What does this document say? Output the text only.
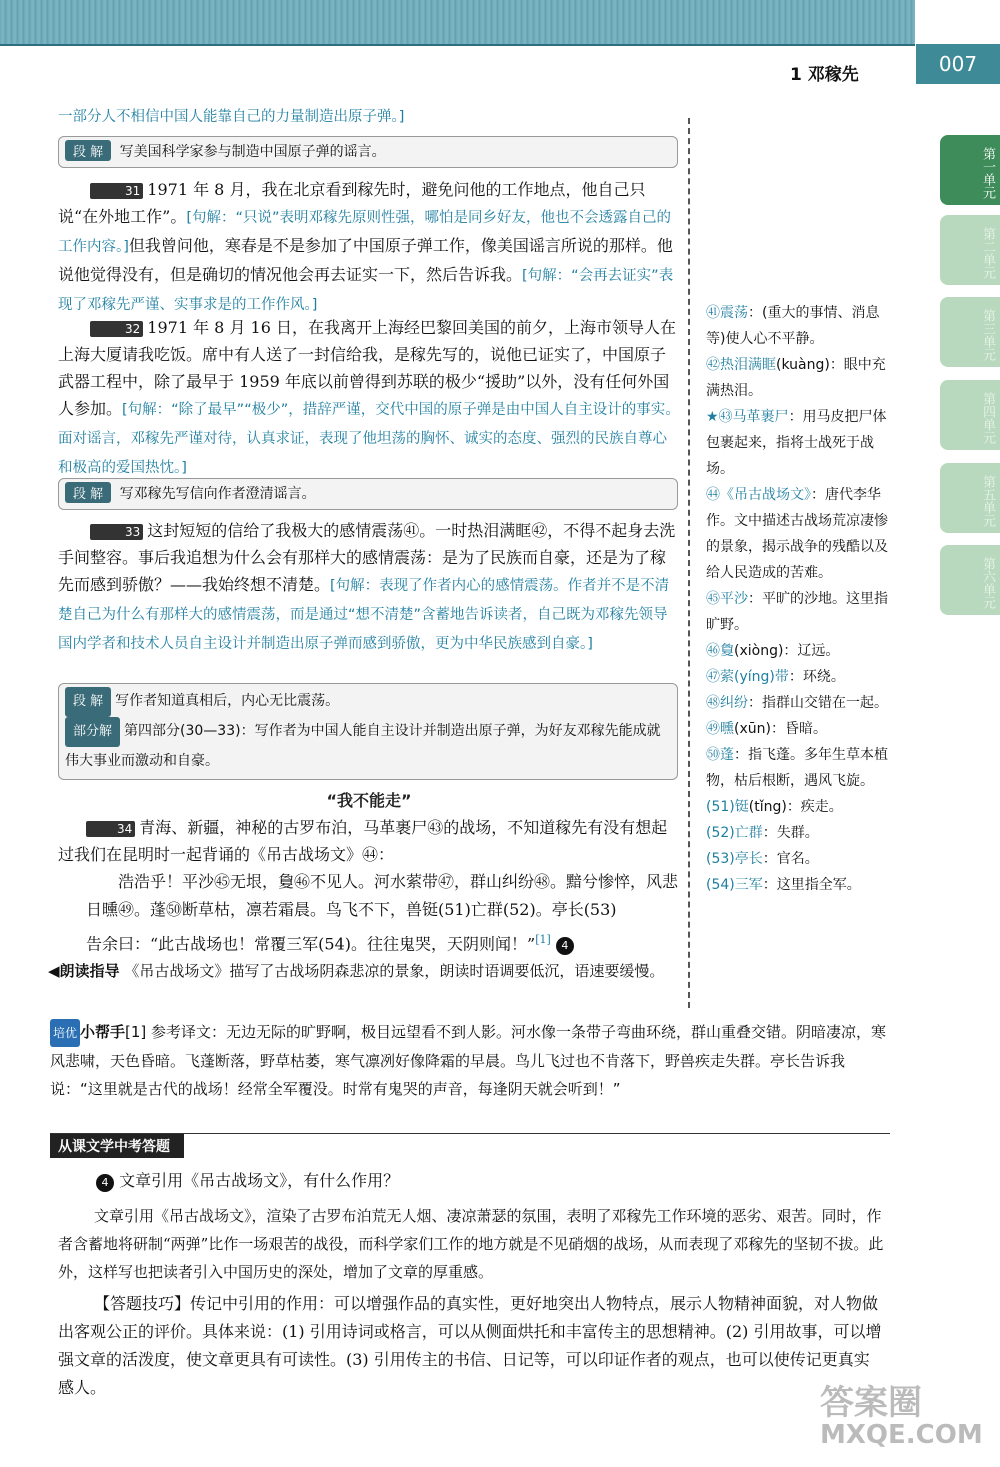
1 邓稼先	007
第一单元
第二单元
第三单元
第四单元
第五单元
第六单元
一部分人不相信中国人能靠自己的力量制造出原子弹。]
段 解 写美国科学家参与制造中国原子弹的谣言。
31 1971 年 8 月，我在北京看到稼先时，避免问他的工作地点，他自己只说“在外地工作”。[句解：“只说”表明邓稼先原则性强，哪怕是同乡好友，他也不会透露自己的工作内容。]但我曾问他，寒春是不是参加了中国原子弹工作，像美国谣言所说的那样。他说他觉得没有，但是确切的情况他会再去证实一下，然后告诉我。[句解：“会再去证实”表现了邓稼先严谨、实事求是的工作作风。]
32 1971 年 8 月 16 日，在我离开上海经巴黎回美国的前夕，上海市领导人在上海大厦请我吃饭。席中有人送了一封信给我，是稼先写的，说他已证实了，中国原子武器工程中，除了最早于 1959 年底以前曾得到苏联的极少“援助”以外，没有任何外国人参加。[句解：“除了最早”“极少”，措辞严谨，交代中国的原子弹是由中国人自主设计的事实。面对谣言，邓稼先严谨对待，认真求证，表现了他坦荡的胸怀、诚实的态度、强烈的民族自尊心和极高的爱国热忱。]
段 解 写邓稼先写信向作者澄清谣言。
33 这封短短的信给了我极大的感情震荡㊶。一时热泪满眶㊷，不得不起身去洗手间整容。事后我追想为什么会有那样大的感情震荡：是为了民族而自豪，还是为了稼先而感到骄傲？——我始终想不清楚。[句解：表现了作者内心的感情震荡。作者并不是不清楚自己为什么有那样大的感情震荡，而是通过“想不清楚”含蓄地告诉读者，自己既为邓稼先领导国内学者和技术人员自主设计并制造出原子弹而感到骄傲，更为中华民族感到自豪。]
段 解 写作者知道真相后，内心无比震荡。
部分解 第四部分(30—33)：写作者为中国人能自主设计并制造出原子弹，为好友邓稼先能成就伟大事业而激动和自豪。
“我不能走”
34 青海、新疆，神秘的古罗布泊，马革裹尸㊸的战场，不知道稼先有没有想起过我们在昆明时一起背诵的《吊古战场文》㊹：
浩浩乎！平沙㊺无垠，敻㊻不见人。河水萦带㊼，群山纠纷㊽。黯兮惨悴，风悲日曛㊾。蓬㊿断草枯，凛若霜晨。鸟飞不下，兽铤(51)亡群(52)。亭长(53)
告余曰：“此古战场也！常覆三军(54)。往往鬼哭，天阴则闻！”[1] 4
◀朗读指导 《吊古战场文》描写了古战场阴森悲凉的景象，朗读时语调要低沉，语速要缓慢。
㊶震荡：(重大的事情、消息等)使人心不平静。
㊷热泪满眶(kuàng)：眼中充满热泪。
★㊸马革裹尸：用马皮把尸体包裹起来，指将士战死于战场。
㊹《吊古战场文》：唐代李华作。文中描述古战场荒凉凄惨的景象，揭示战争的残酷以及给人民造成的苦难。
㊺平沙：平旷的沙地。这里指旷野。
㊻敻(xiòng)：辽远。
㊼萦(yíng)带：环绕。
㊽纠纷：指群山交错在一起。
㊾曛(xūn)：昏暗。
㊿蓬：指飞蓬。多年生草本植物，枯后根断，遇风飞旋。
(51)铤(tǐng)：疾走。
(52)亡群：失群。
(53)亭长：官名。
(54)三军：这里指全军。
培优 小帮手[1] 参考译文：无边无际的旷野啊，极目远望看不到人影。河水像一条带子弯曲环绕，群山重叠交错。阴暗凄凉，寒风悲啸，天色昏暗。飞蓬断落，野草枯萎，寒气凛冽好像降霜的早晨。鸟儿飞过也不肯落下，野兽疾走失群。亭长告诉我说：“这里就是古代的战场！经常全军覆没。时常有鬼哭的声音，每逢阴天就会听到！”
从课文学中考答题
4 文章引用《吊古战场文》，有什么作用？
文章引用《吊古战场文》，渲染了古罗布泊荒无人烟、凄凉萧瑟的氛围，表明了邓稼先工作环境的恶劣、艰苦。同时，作者含蓄地将研制“两弹”比作一场艰苦的战役，而科学家们工作的地方就是不见硝烟的战场，从而表现了邓稼先的坚韧不拔。此外，这样写也把读者引入中国历史的深处，增加了文章的厚重感。
【答题技巧】传记中引用的作用：可以增强作品的真实性，更好地突出人物特点，展示人物精神面貌，对人物做出客观公正的评价。具体来说：(1) 引用诗词或格言，可以从侧面烘托和丰富传主的思想精神。(2) 引用故事，可以增强文章的活泼度，使文章更具有可读性。(3) 引用传主的书信、日记等，可以印证作者的观点，也可以使传记更真实感人。	答案圈
MXQE.COM
